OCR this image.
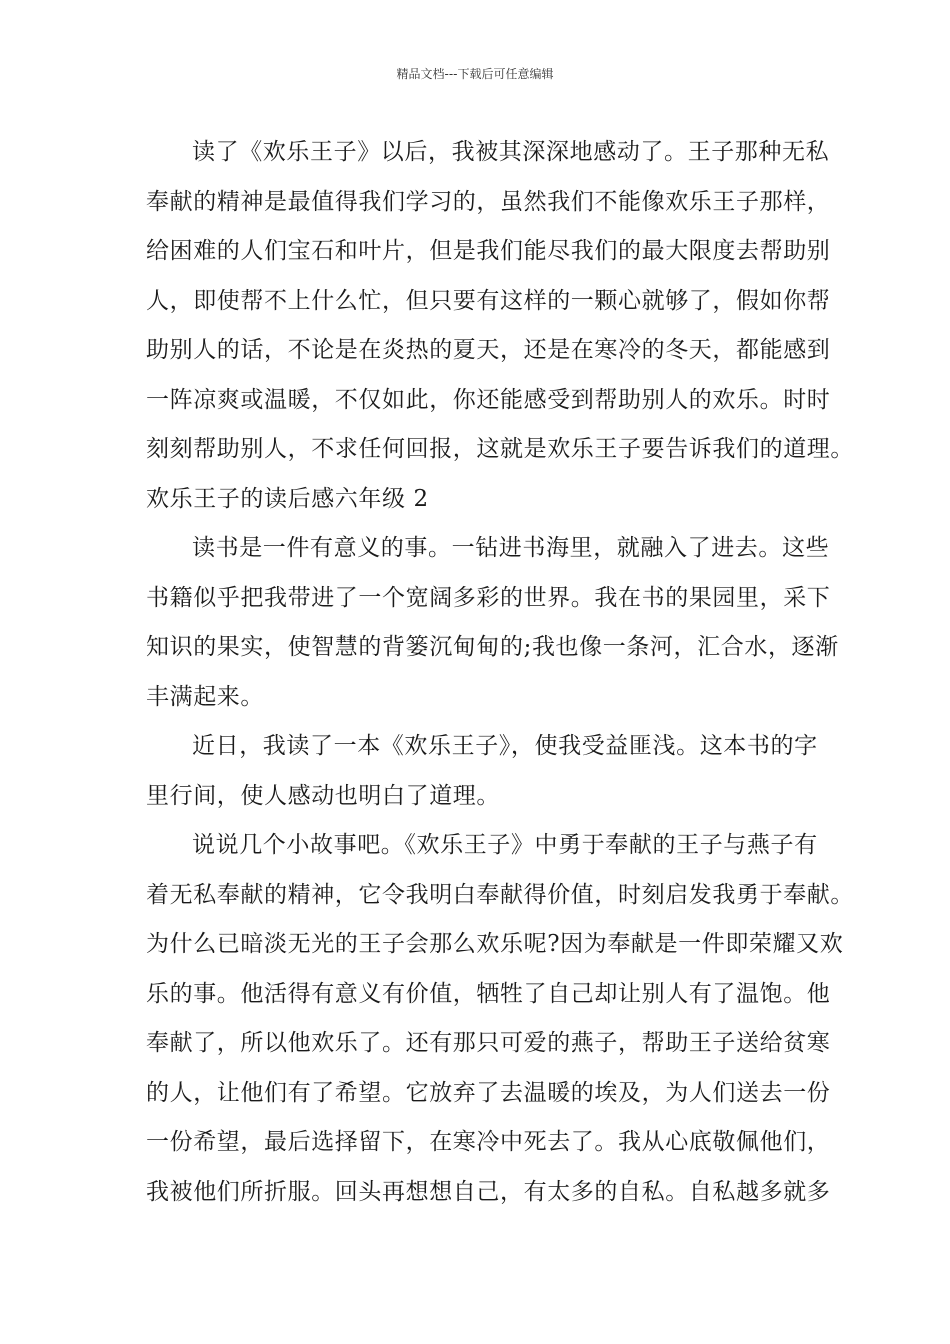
精品文档---下载后可任意编辑
读了《欢乐王子》以后，我被其深深地感动了。王子那种无私
奉献的精神是最值得我们学习的，虽然我们不能像欢乐王子那样，
给困难的人们宝石和叶片，但是我们能尽我们的最大限度去帮助别
人，即使帮不上什么忙，但只要有这样的一颗心就够了，假如你帮
助别人的话，不论是在炎热的夏天，还是在寒冷的冬天，都能感到
一阵凉爽或温暖，不仅如此，你还能感受到帮助别人的欢乐。时时
刻刻帮助别人，不求任何回报，这就是欢乐王子要告诉我们的道理。
欢乐王子的读后感六年级 2
读书是一件有意义的事。一钻进书海里，就融入了进去。这些
书籍似乎把我带进了一个宽阔多彩的世界。我在书的果园里，采下
知识的果实，使智慧的背篓沉甸甸的;我也像一条河，汇合水，逐渐
丰满起来。
近日，我读了一本《欢乐王子》，使我受益匪浅。这本书的字
里行间，使人感动也明白了道理。
说说几个小故事吧。《欢乐王子》中勇于奉献的王子与燕子有
着无私奉献的精神，它令我明白奉献得价值，时刻启发我勇于奉献。
为什么已暗淡无光的王子会那么欢乐呢?因为奉献是一件即荣耀又欢
乐的事。他活得有意义有价值，牺牲了自己却让别人有了温饱。他
奉献了，所以他欢乐了。还有那只可爱的燕子，帮助王子送给贫寒
的人，让他们有了希望。它放弃了去温暖的埃及，为人们送去一份
一份希望，最后选择留下，在寒冷中死去了。我从心底敬佩他们，
我被他们所折服。回头再想想自己，有太多的自私。自私越多就多
